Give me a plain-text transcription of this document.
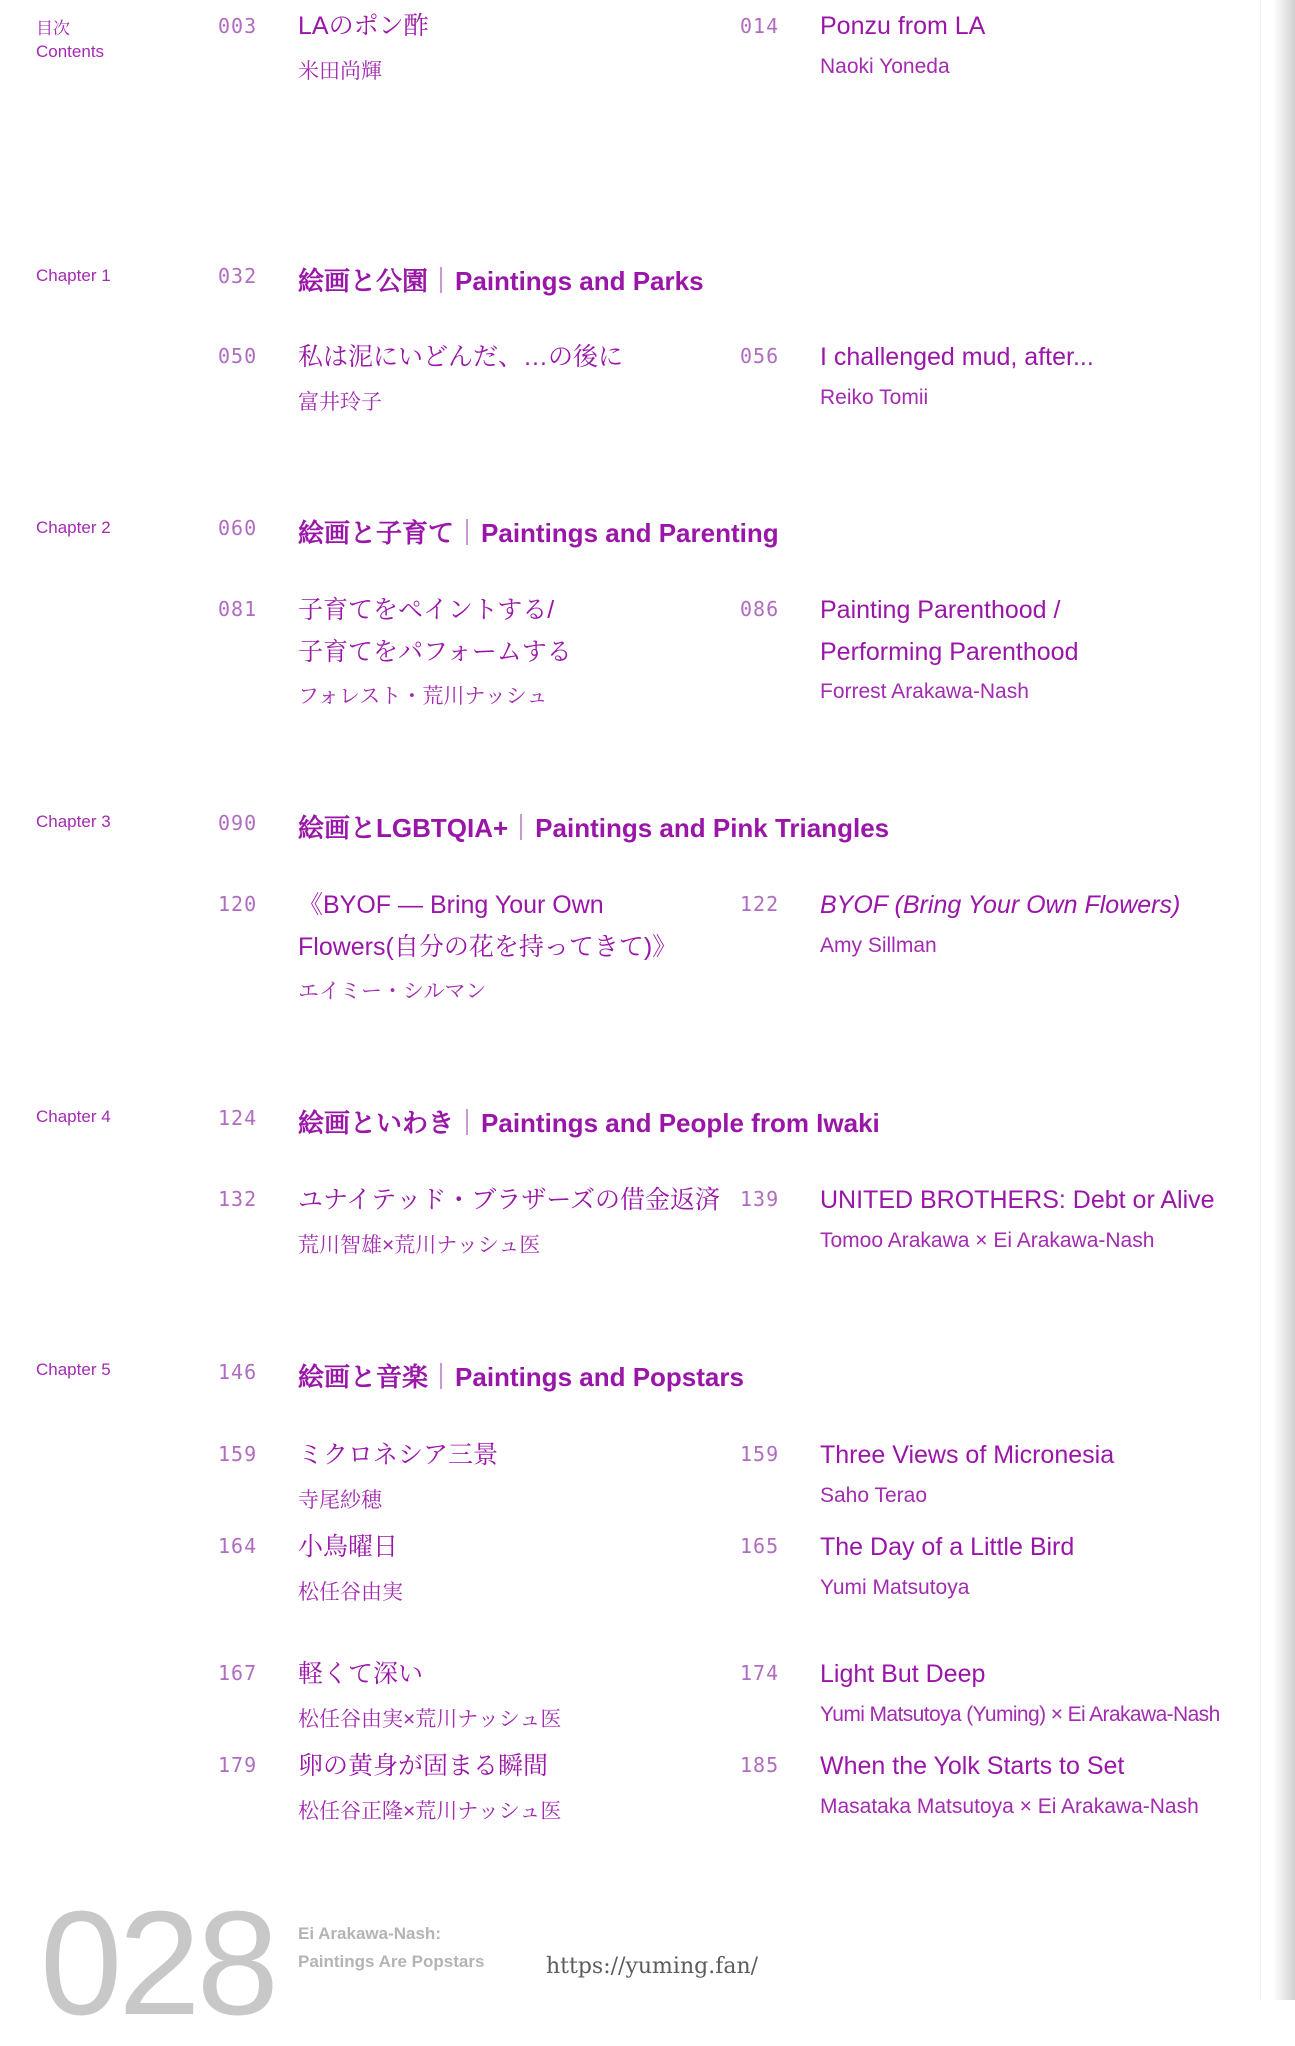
目次
Contents
003 LAのポン酢
米田尚輝
014 Ponzu from LA
Naoki Yoneda
Chapter 1	032 絵画と公園 Paintings and Parks
050 私は泥にいどんだ、…の後に
富井玲子
056 I challenged mud, after...
Reiko Tomii
Chapter 2	060 絵画と子育て Paintings and Parenting
081 子育てをペイントする/
子育てをパフォームする
フォレスト・荒川ナッシュ
086 Painting Parenthood /
Performing Parenthood
Forrest Arakawa-Nash
Chapter 3	090 絵画とLGBTQIA+ Paintings and Pink Triangles
120 《BYOF ― Bring Your Own
Flowers(自分の花を持ってきて)》
エイミー・シルマン
122 BYOF (Bring Your Own Flowers)
Amy Sillman
Chapter 4	124 絵画といわき Paintings and People from Iwaki
132 ユナイテッド・ブラザーズの借金返済
荒川智雄×荒川ナッシュ医
139 UNITED BROTHERS: Debt or Alive
Tomoo Arakawa × Ei Arakawa-Nash
Chapter 5	146 絵画と音楽 Paintings and Popstars
159 ミクロネシア三景
寺尾紗穂
159 Three Views of Micronesia
Saho Terao
164 小鳥曜日
松任谷由実
165 The Day of a Little Bird
Yumi Matsutoya
167 軽くて深い
松任谷由実×荒川ナッシュ医
174 Light But Deep
Yumi Matsutoya (Yuming) × Ei Arakawa-Nash
179 卵の黄身が固まる瞬間
松任谷正隆×荒川ナッシュ医
185 When the Yolk Starts to Set
Masataka Matsutoya × Ei Arakawa-Nash
028 Ei Arakawa-Nash:
Paintings Are Popstars	https://yuming.fan/
